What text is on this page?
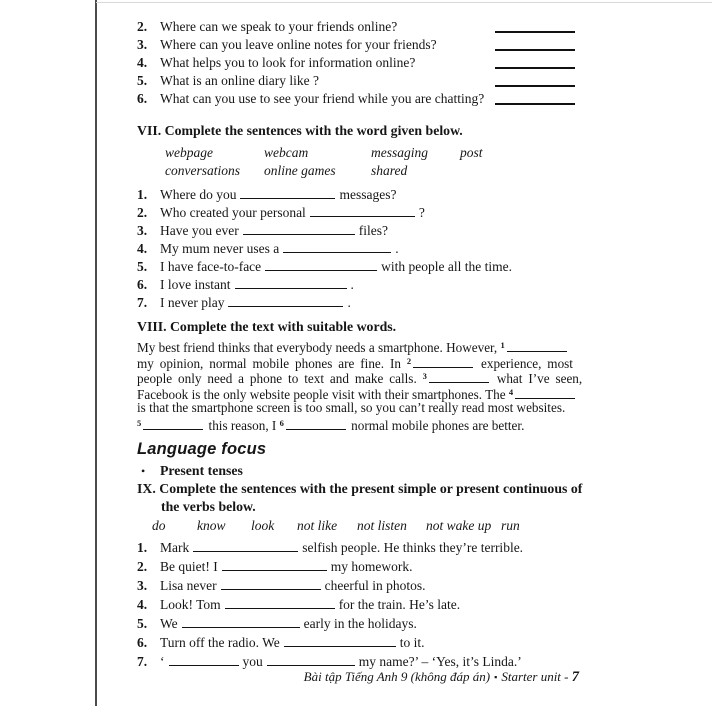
2. Where can we speak to your friends online?
3. Where can you leave online notes for your friends?
4. What helps you to look for information online?
5. What is an online diary like ?
6. What can you use to see your friend while you are chatting?
VII. Complete the sentences with the word given below.
webpage	webcam	messaging	post
conversations	online games	shared
1. Where do you	messages?
2. Who created your personal	?
3. Have you ever	files?
4. My mum never uses a	.
5. I have face-to-face	with people all the time.
6. I love instant	.
7. I never play	.
VIII. Complete the text with suitable words.
My best friend thinks that everybody needs a smartphone. However, $^1$
my opinion, normal mobile phones are fine. In $^2$	experience, most
people only need a phone to text and make calls. $^3$	what I’ve seen,
Facebook is the only website people visit with their smartphones. The $^4$
is that the smartphone screen is too small, so you can’t really read most websites.
$^5$	this reason, I $^6$	normal mobile phones are better.
Language focus
• Present tenses
IX. Complete the sentences with the present simple or present continuous of
the verbs below.
do know look not like not listen not wake up run
1. Mark	selfish people. He thinks they’re terrible.
2. Be quiet! I	my homework.
3. Lisa never	cheerful in photos.
4. Look! Tom	for the train. He’s late.
5. We	early in the holidays.
6. Turn off the radio. We	to it.
7. ‘	you	my name?’ – ‘Yes, it’s Linda.’
Bài tập Tiếng Anh 9 (không đáp án) ▪ Starter unit - 7
